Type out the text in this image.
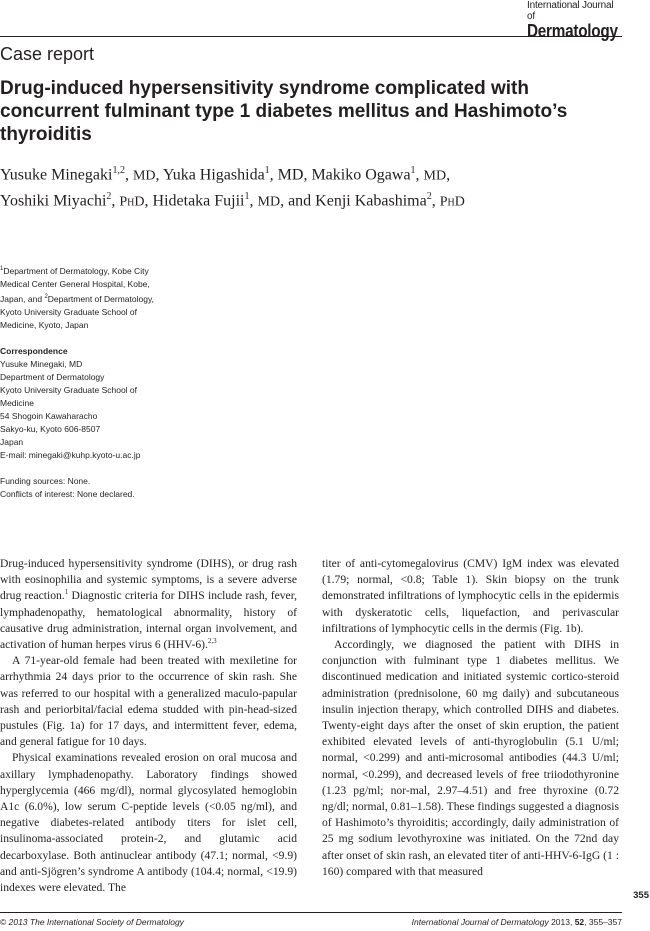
International Journal of
Dermatology
Case report
Drug-induced hypersensitivity syndrome complicated with concurrent fulminant type 1 diabetes mellitus and Hashimoto’s thyroiditis

Yusuke Minegaki$^{1,2}$, MD, Yuka Higashida$^1$, MD, Makiko Ogawa$^1$, MD,
Yoshiki Miyachi$^2$, PhD, Hidetaka Fujii$^1$, MD, and Kenji Kabashima$^2$, PhD

$^1$Department of Dermatology, Kobe City Medical Center General Hospital, Kobe, Japan, and $^2$Department of Dermatology, Kyoto University Graduate School of Medicine, Kyoto, Japan

Correspondence

Yusuke Minegaki, MD

Department of Dermatology

Kyoto University Graduate School of Medicine

54 Shogoin Kawaharacho

Sakyo-ku, Kyoto 606-8507

Japan

E-mail: minegaki@kuhp.kyoto-u.ac.jp

Funding sources: None.

Conflicts of interest: None declared.

Drug-induced hypersensitivity syndrome (DIHS), or drug rash with eosinophilia and systemic symptoms, is a severe adverse drug reaction.$^1$ Diagnostic criteria for DIHS include rash, fever, lymphadenopathy, hematological abnormality, history of causative drug administration, internal organ involvement, and activation of human herpes virus 6 (HHV-6).$^{2,3}$

A 71-year-old female had been treated with mexiletine for arrhythmia 24 days prior to the occurrence of skin rash. She was referred to our hospital with a generalized maculo-papular rash and periorbital/facial edema studded with pin-head-sized pustules (Fig. 1a) for 17 days, and intermittent fever, edema, and general fatigue for 10 days.

Physical examinations revealed erosion on oral mucosa and axillary lymphadenopathy. Laboratory findings showed hyperglycemia (466 mg/dl), normal glycosylated hemoglobin A1c (6.0%), low serum C-peptide levels (<0.05 ng/ml), and negative diabetes-related antibody titers for islet cell, insulinoma-associated protein-2, and glutamic acid decarboxylase. Both antinuclear antibody (47.1; normal, <9.9) and anti-Sjögren’s syndrome A antibody (104.4; normal, <19.9) indexes were elevated. The

titer of anti-cytomegalovirus (CMV) IgM index was elevated (1.79; normal, <0.8; Table 1). Skin biopsy on the trunk demonstrated infiltrations of lymphocytic cells in the epidermis with dyskeratotic cells, liquefaction, and perivascular infiltrations of lymphocytic cells in the dermis (Fig. 1b).

Accordingly, we diagnosed the patient with DIHS in conjunction with fulminant type 1 diabetes mellitus. We discontinued medication and initiated systemic cortico-steroid administration (prednisolone, 60 mg daily) and subcutaneous insulin injection therapy, which controlled DIHS and diabetes. Twenty-eight days after the onset of skin eruption, the patient exhibited elevated levels of anti-thyroglobulin (5.1 U/ml; normal, <0.299) and anti-microsomal antibodies (44.3 U/ml; normal, <0.299), and decreased levels of free triiodothyronine (1.23 pg/ml; nor-mal, 2.97–4.51) and free thyroxine (0.72 ng/dl; normal, 0.81–1.58). These findings suggested a diagnosis of Hashimoto’s thyroiditis; accordingly, daily administration of 25 mg sodium levothyroxine was initiated. On the 72nd day after onset of skin rash, an elevated titer of anti-HHV-6-IgG (1 : 160) compared with that measured

355
© 2013 The International Society of Dermatology	International Journal of Dermatology 2013, 52, 355–357
